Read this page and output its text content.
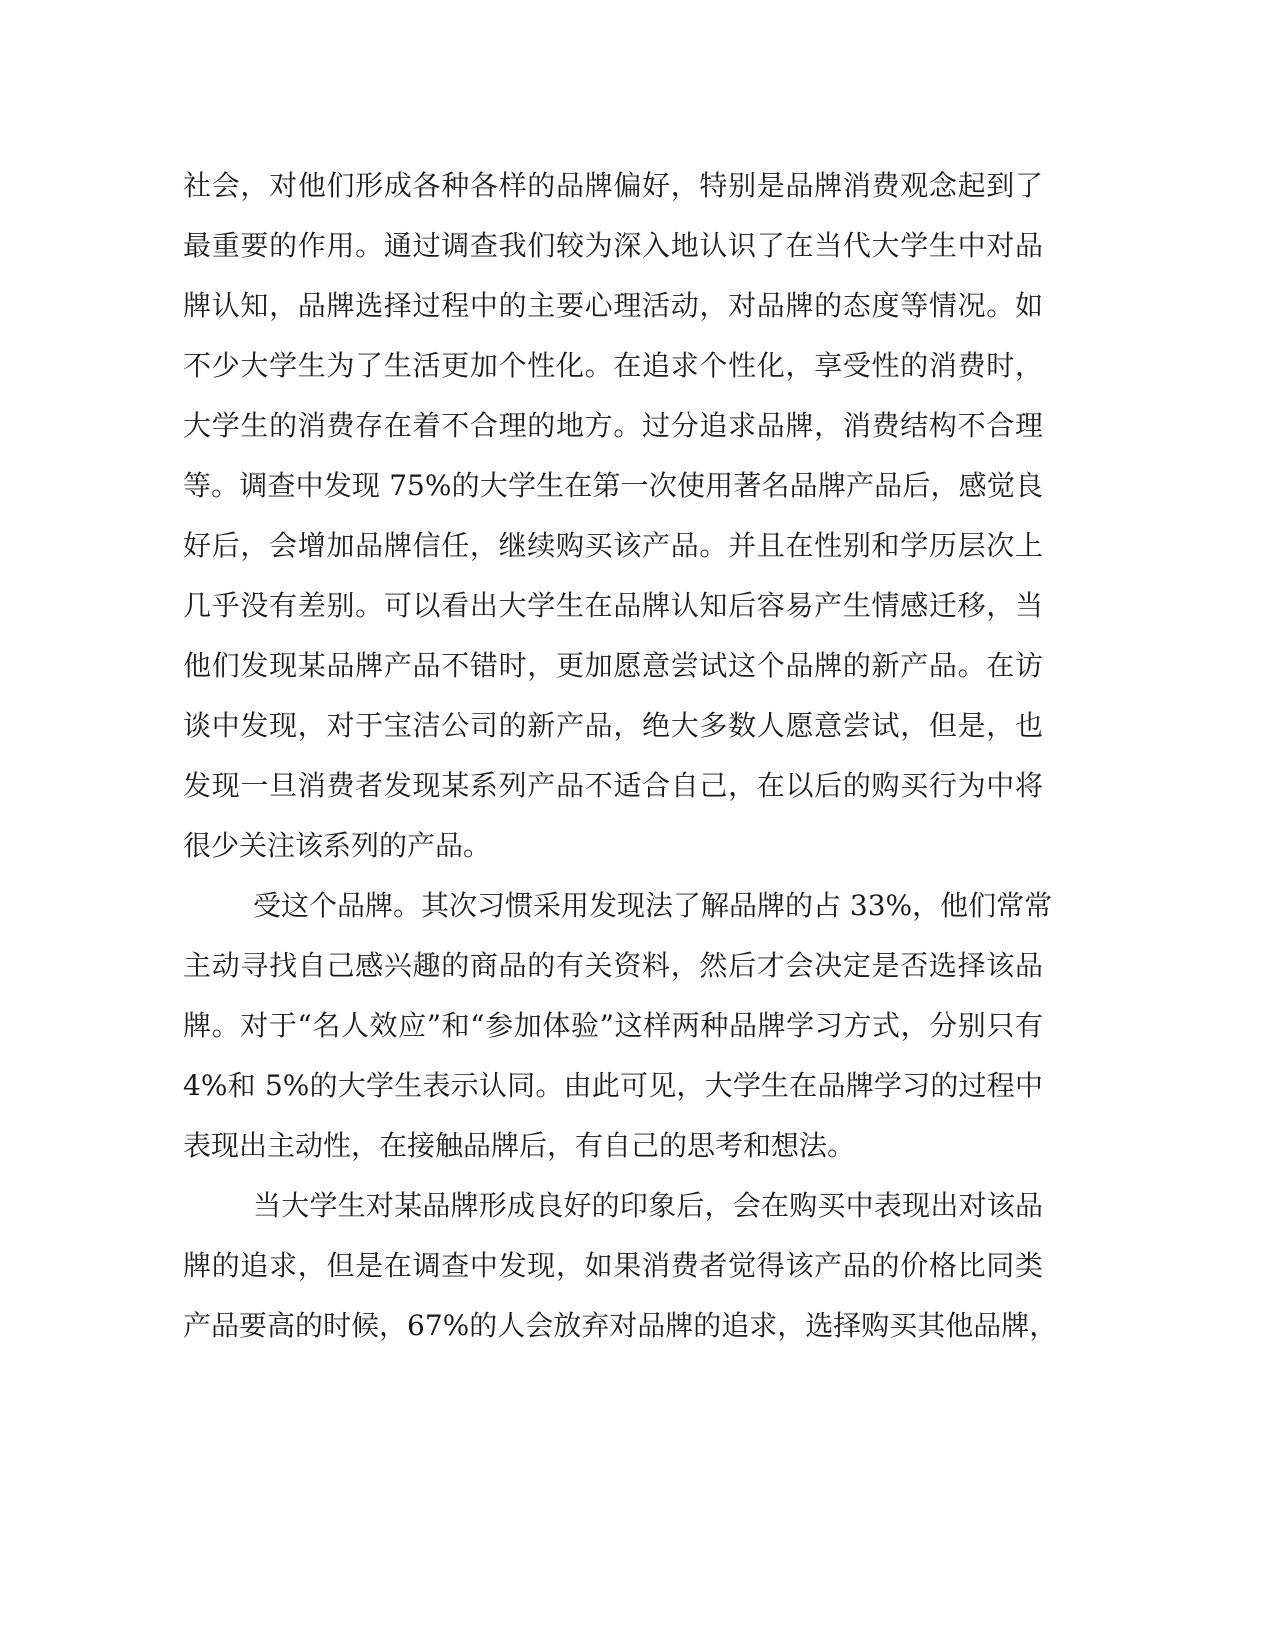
社会，对他们形成各种各样的品牌偏好，特别是品牌消费观念起到了
最重要的作用。通过调查我们较为深入地认识了在当代大学生中对品
牌认知，品牌选择过程中的主要心理活动，对品牌的态度等情况。如
不少大学生为了生活更加个性化。在追求个性化，享受性的消费时，
大学生的消费存在着不合理的地方。过分追求品牌，消费结构不合理
等。调查中发现 75%的大学生在第一次使用著名品牌产品后，感觉良
好后，会增加品牌信任，继续购买该产品。并且在性别和学历层次上
几乎没有差别。可以看出大学生在品牌认知后容易产生情感迁移，当
他们发现某品牌产品不错时，更加愿意尝试这个品牌的新产品。在访
谈中发现，对于宝洁公司的新产品，绝大多数人愿意尝试，但是，也
发现一旦消费者发现某系列产品不适合自己，在以后的购买行为中将
很少关注该系列的产品。
受这个品牌。其次习惯采用发现法了解品牌的占 33%，他们常常
主动寻找自己感兴趣的商品的有关资料，然后才会决定是否选择该品
牌。对于“名人效应”和“参加体验”这样两种品牌学习方式，分别只有
4%和 5%的大学生表示认同。由此可见，大学生在品牌学习的过程中
表现出主动性，在接触品牌后，有自己的思考和想法。
当大学生对某品牌形成良好的印象后，会在购买中表现出对该品
牌的追求，但是在调查中发现，如果消费者觉得该产品的价格比同类
产品要高的时候，67%的人会放弃对品牌的追求，选择购买其他品牌，
